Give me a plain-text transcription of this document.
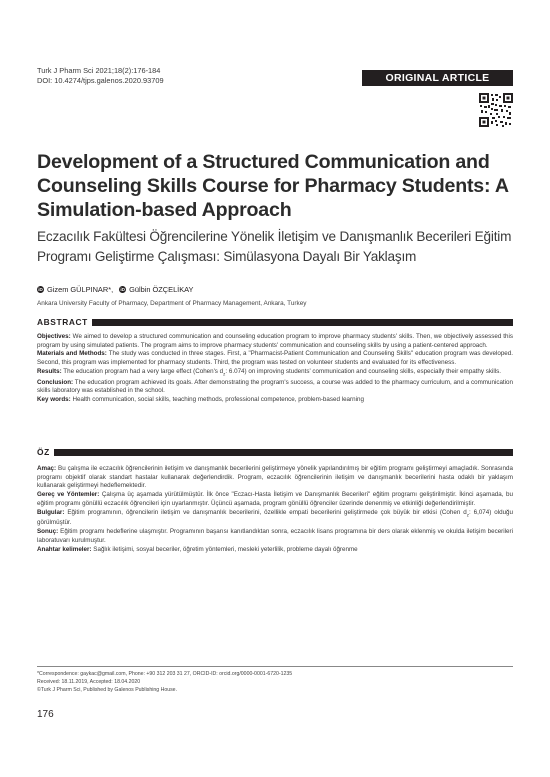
Turk J Pharm Sci 2021;18(2):176-184
DOI: 10.4274/tjps.galenos.2020.93709	ORIGINAL ARTICLE
Development of a Structured Communication and Counseling Skills Course for Pharmacy Students: A Simulation-based Approach
Eczacılık Fakültesi Öğrencilerine Yönelik İletişim ve Danışmanlık Becerileri Eğitim Programı Geliştirme Çalışması: Simülasyona Dayalı Bir Yaklaşım
iD Gizem GÜLPINAR*, iD Gülbin ÖZÇELİKAY
Ankara University Faculty of Pharmacy, Department of Pharmacy Management, Ankara, Turkey
ABSTRACT
Objectives: We aimed to develop a structured communication and counseling education program to improve pharmacy students' skills. Then, we objectively assessed this program by using simulated patients. The program aims to improve pharmacy students' communication and counseling skills by using a patient-centered approach.
Materials and Methods: The study was conducted in three stages. First, a "Pharmacist-Patient Communication and Counseling Skills" education program was developed. Second, this program was implemented for pharmacy students. Third, the program was tested on volunteer students and evaluated for its effectiveness.
Results: The education program had a very large effect (Cohen's $d_z$: 6.074) on improving students' communication and counseling skills, especially their empathy skills.
Conclusion: The education program achieved its goals. After demonstrating the program's success, a course was added to the pharmacy curriculum, and a communication skills laboratory was established in the school.
Key words: Health communication, social skills, teaching methods, professional competence, problem-based learning
ÖZ
Amaç: Bu çalışma ile eczacılık öğrencilerinin iletişim ve danışmanlık becerilerini geliştirmeye yönelik yapılandırılmış bir eğitim programı geliştirmeyi amaçladık. Sonrasında programı objektif olarak standart hastalar kullanarak değerlendirdik. Program, eczacılık öğrencilerinin iletişim ve danışmanlık becerilerini hasta odaklı bir yaklaşım kullanarak geliştirmeyi hedeflemektedir.
Gereç ve Yöntemler: Çalışma üç aşamada yürütülmüştür. İlk önce "Eczacı-Hasta İletişim ve Danışmanlık Becerileri" eğitim programı geliştirilmiştir. İkinci aşamada, bu eğitim programı gönüllü eczacılık öğrencileri için uyarlanmıştır. Üçüncü aşamada, program gönüllü öğrenciler üzerinde denenmiş ve etkinliği değerlendirilmiştir.
Bulgular: Eğitim programının, öğrencilerin iletişim ve danışmanlık becerilerini, özellikle empati becerilerini geliştirmede çok büyük bir etkisi (Cohen $d_z$: 6,074) olduğu görülmüştür.
Sonuç: Eğitim programı hedeflerine ulaşmıştır. Programının başarısı kanıtlandıktan sonra, eczacılık lisans programına bir ders olarak eklenmiş ve okulda iletişim becerileri laboratuvarı kurulmuştur.
Anahtar kelimeler: Sağlık iletişimi, sosyal beceriler, öğretim yöntemleri, mesleki yeterlilik, probleme dayalı öğrenme
*Correspondence: gaykac@gmail.com, Phone: +90 312 203 31 27, ORCID-ID: orcid.org/0000-0001-6720-1235
Received: 18.11.2019, Accepted: 18.04.2020
©Turk J Pharm Sci, Published by Galenos Publishing House.
176
